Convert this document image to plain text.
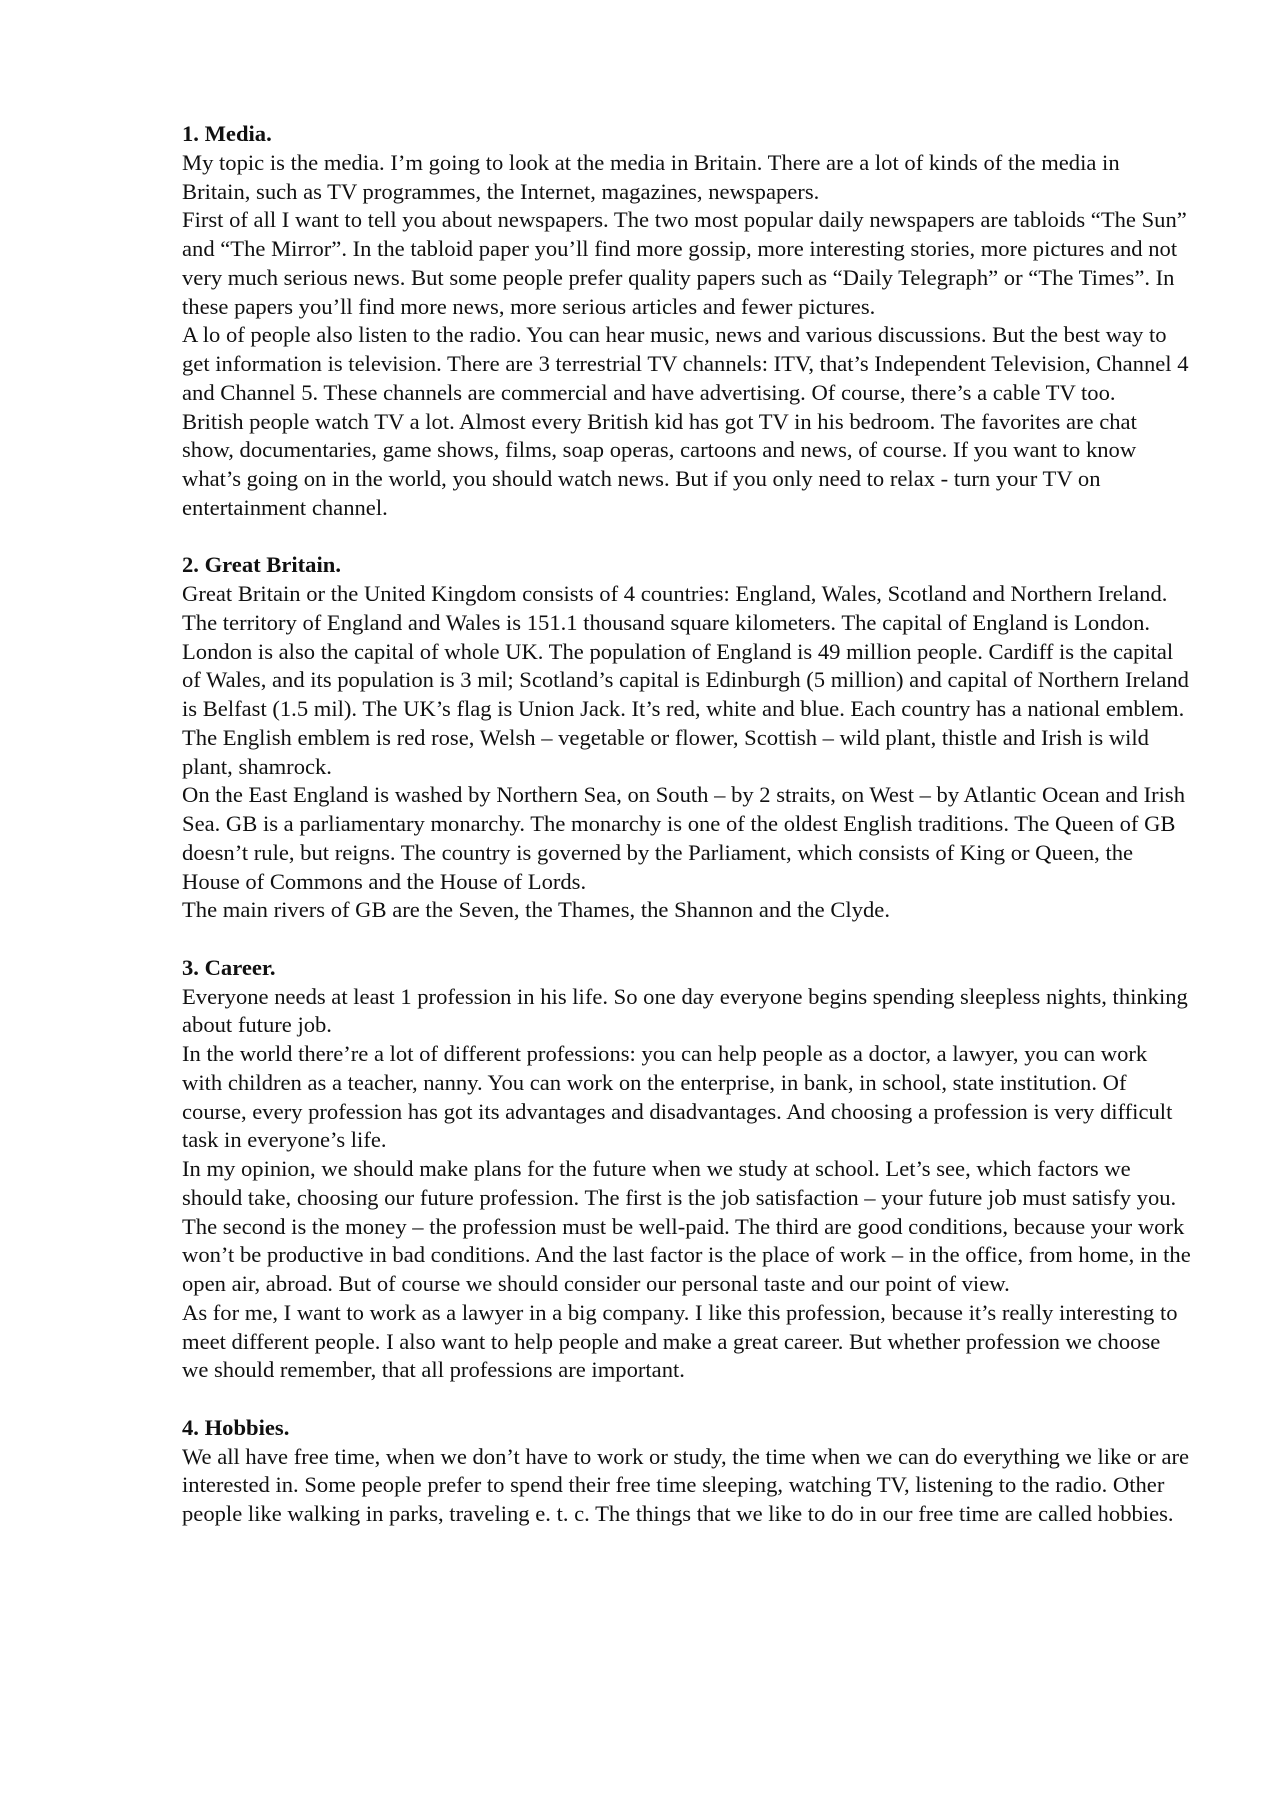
1. Media.

My topic is the media. I’m going to look at the media in Britain. There are a lot of kinds of the media in Britain, such as TV programmes, the Internet, magazines, newspapers.

First of all I want to tell you about newspapers. The two most popular daily newspapers are tabloids “The Sun” and “The Mirror”. In the tabloid paper you’ll find more gossip, more interesting stories, more pictures and not very much serious news. But some people prefer quality papers such as “Daily Telegraph” or “The Times”. In these papers you’ll find more news, more serious articles and fewer pictures.

A lo of people also listen to the radio. You can hear music, news and various discussions. But the best way to get information is television. There are 3 terrestrial TV channels: ITV, that’s Independent Television, Channel 4 and Channel 5. These channels are commercial and have advertising. Of course, there’s a cable TV too.

British people watch TV a lot. Almost every British kid has got TV in his bedroom. The favorites are chat show, documentaries, game shows, films, soap operas, cartoons and news, of course. If you want to know what’s going on in the world, you should watch news. But if you only need to relax - turn your TV on entertainment channel.

2. Great Britain.

Great Britain or the United Kingdom consists of 4 countries: England, Wales, Scotland and Northern Ireland. The territory of England and Wales is 151.1 thousand square kilometers. The capital of England is London. London is also the capital of whole UK. The population of England is 49 million people. Cardiff is the capital of Wales, and its population is 3 mil; Scotland’s capital is Edinburgh (5 million) and capital of Northern Ireland is Belfast (1.5 mil). The UK’s flag is Union Jack. It’s red, white and blue. Each country has a national emblem. The English emblem is red rose, Welsh – vegetable or flower, Scottish – wild plant, thistle and Irish is wild plant, shamrock.

On the East England is washed by Northern Sea, on South – by 2 straits, on West – by Atlantic Ocean and Irish Sea. GB is a parliamentary monarchy. The monarchy is one of the oldest English traditions. The Queen of GB doesn’t rule, but reigns. The country is governed by the Parliament, which consists of King or Queen, the House of Commons and the House of Lords.

The main rivers of GB are the Seven, the Thames, the Shannon and the Clyde.

3. Career.

Everyone needs at least 1 profession in his life. So one day everyone begins spending sleepless nights, thinking about future job.

In the world there’re a lot of different professions: you can help people as a doctor, a lawyer, you can work with children as a teacher, nanny. You can work on the enterprise, in bank, in school, state institution. Of course, every profession has got its advantages and disadvantages. And choosing a profession is very difficult task in everyone’s life.

In my opinion, we should make plans for the future when we study at school. Let’s see, which factors we should take, choosing our future profession. The first is the job satisfaction – your future job must satisfy you. The second is the money – the profession must be well-paid. The third are good conditions, because your work won’t be productive in bad conditions. And the last factor is the place of work – in the office, from home, in the open air, abroad. But of course we should consider our personal taste and our point of view.

As for me, I want to work as a lawyer in a big company. I like this profession, because it’s really interesting to meet different people. I also want to help people and make a great career. But whether profession we choose we should remember, that all professions are important.

4. Hobbies.

We all have free time, when we don’t have to work or study, the time when we can do everything we like or are interested in. Some people prefer to spend their free time sleeping, watching TV, listening to the radio. Other people like walking in parks, traveling e. t. c. The things that we like to do in our free time are called hobbies.
